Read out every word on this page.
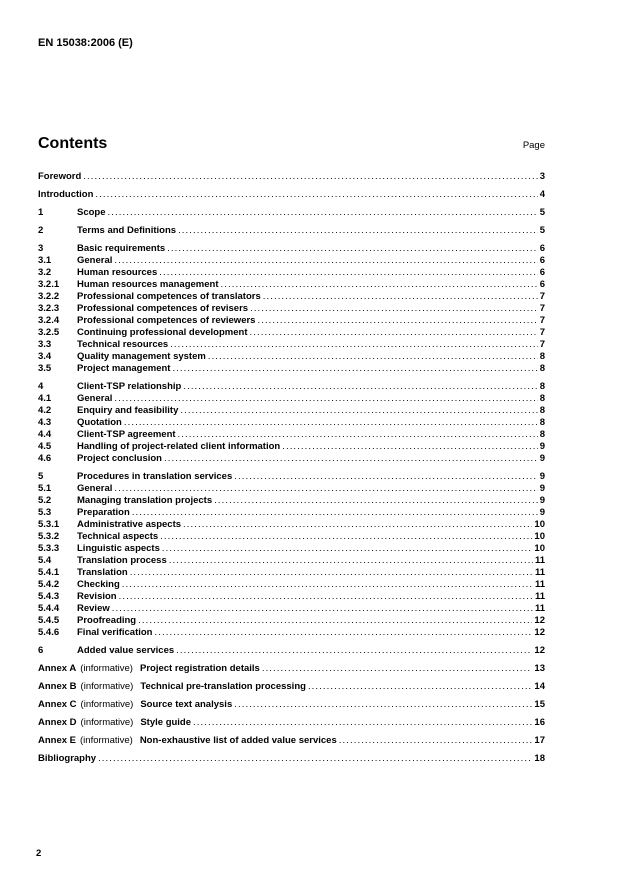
EN 15038:2006 (E)
Contents	Page
Foreword .....	3
Introduction .....	4
1	Scope .....	5
2	Terms and Definitions .....	5
3	Basic requirements .....	6
3.1	General .....	6
3.2	Human resources .....	6
3.2.1	Human resources management .....	6
3.2.2	Professional competences of translators .....	7
3.2.3	Professional competences of revisers .....	7
3.2.4	Professional competences of reviewers .....	7
3.2.5	Continuing professional development .....	7
3.3	Technical resources .....	7
3.4	Quality management system .....	8
3.5	Project management .....	8
4	Client-TSP relationship .....	8
4.1	General .....	8
4.2	Enquiry and feasibility .....	8
4.3	Quotation .....	8
4.4	Client-TSP agreement .....	8
4.5	Handling of project-related client information .....	9
4.6	Project conclusion .....	9
5	Procedures in translation services .....	9
5.1	General .....	9
5.2	Managing translation projects .....	9
5.3	Preparation .....	9
5.3.1	Administrative aspects .....	10
5.3.2	Technical aspects .....	10
5.3.3	Linguistic aspects .....	10
5.4	Translation process .....	11
5.4.1	Translation .....	11
5.4.2	Checking .....	11
5.4.3	Revision .....	11
5.4.4	Review .....	11
5.4.5	Proofreading .....	12
5.4.6	Final verification .....	12
6	Added value services .....	12
Annex A (informative) Project registration details .....	13
Annex B (informative) Technical pre-translation processing .....	14
Annex C (informative) Source text analysis .....	15
Annex D (informative) Style guide .....	16
Annex E (informative) Non-exhaustive list of added value services .....	17
Bibliography .....	18
2
